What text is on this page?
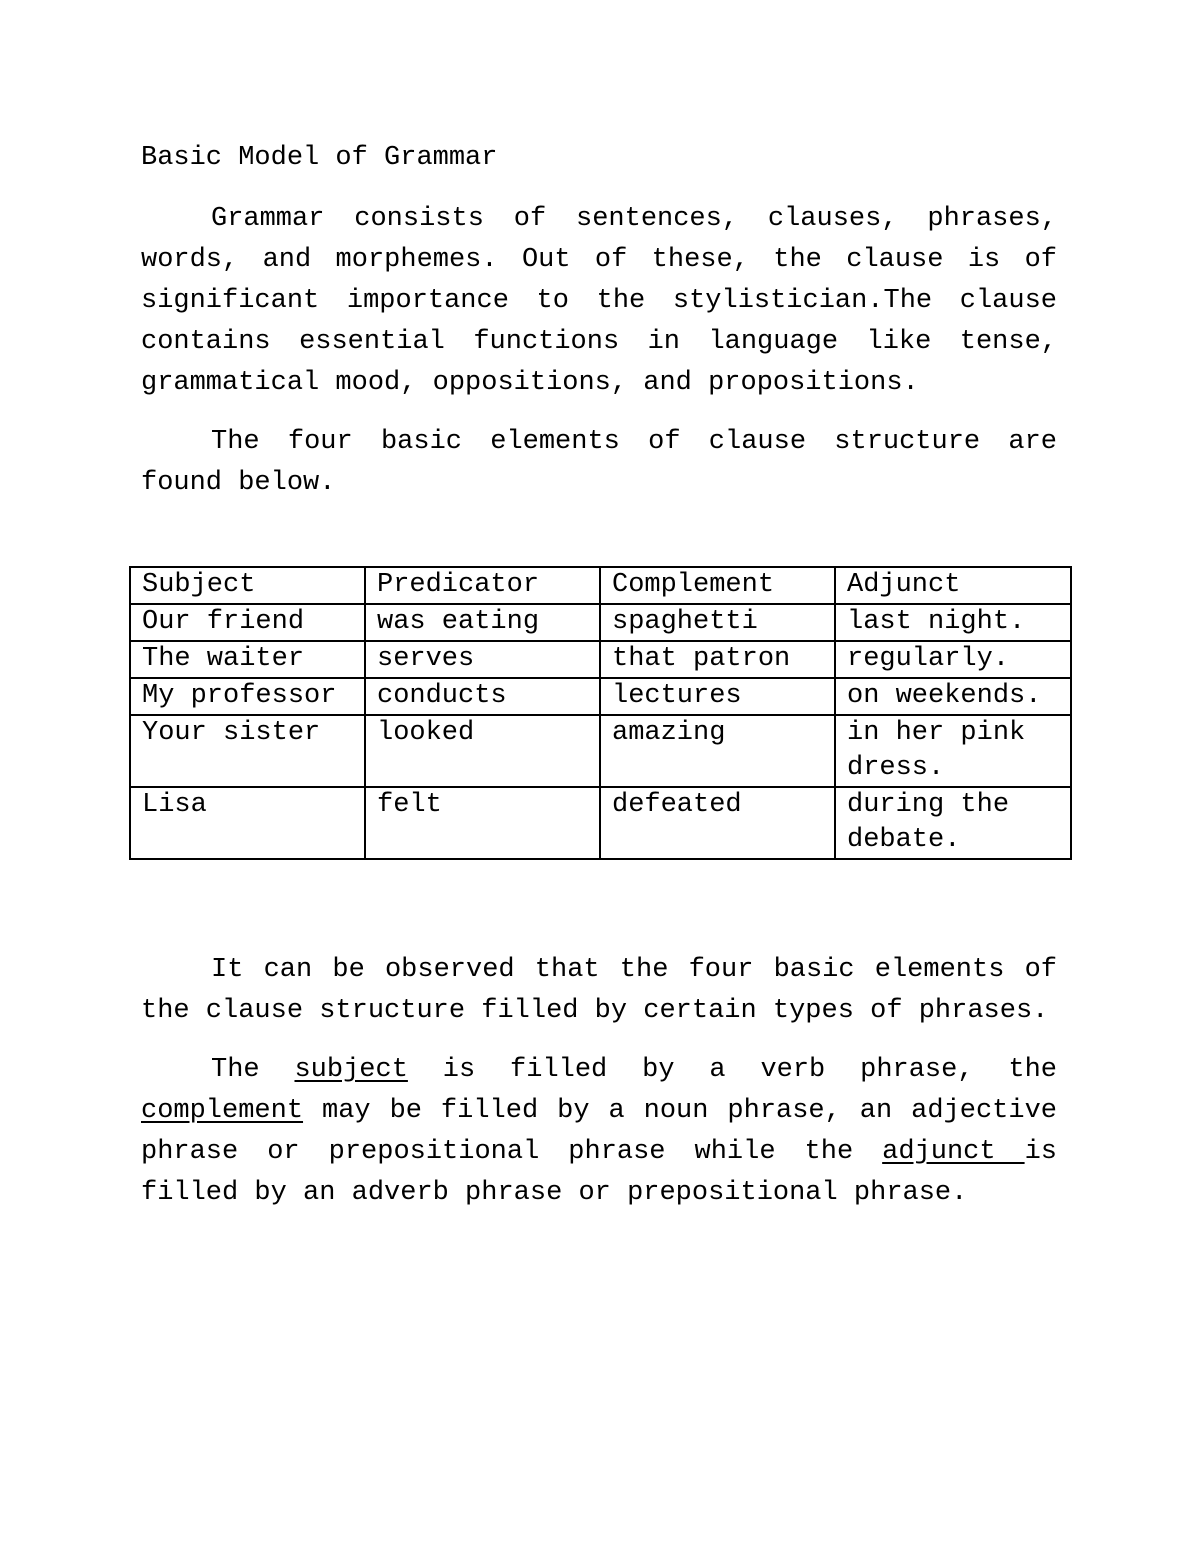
Basic Model of Grammar

Grammar consists of sentences, clauses, phrases, words, and morphemes. Out of these, the clause is of significant importance to the stylistician.The clause contains essential functions in language like tense, grammatical mood, oppositions, and propositions.

The four basic elements of clause structure are found below.

Subject	Predicator	Complement	Adjunct
Our friend	was eating	spaghetti	last night.
The waiter	serves	that patron	regularly.
My professor	conducts	lectures	on weekends.
Your sister	looked	amazing	in her pink dress.
Lisa	felt	defeated	during the debate.

It can be observed that the four basic elements of the clause structure filled by certain types of phrases.

The subject is filled by a verb phrase, the complement may be filled by a noun phrase, an adjective phrase or prepositional phrase while the adjunct is filled by an adverb phrase or prepositional phrase.
